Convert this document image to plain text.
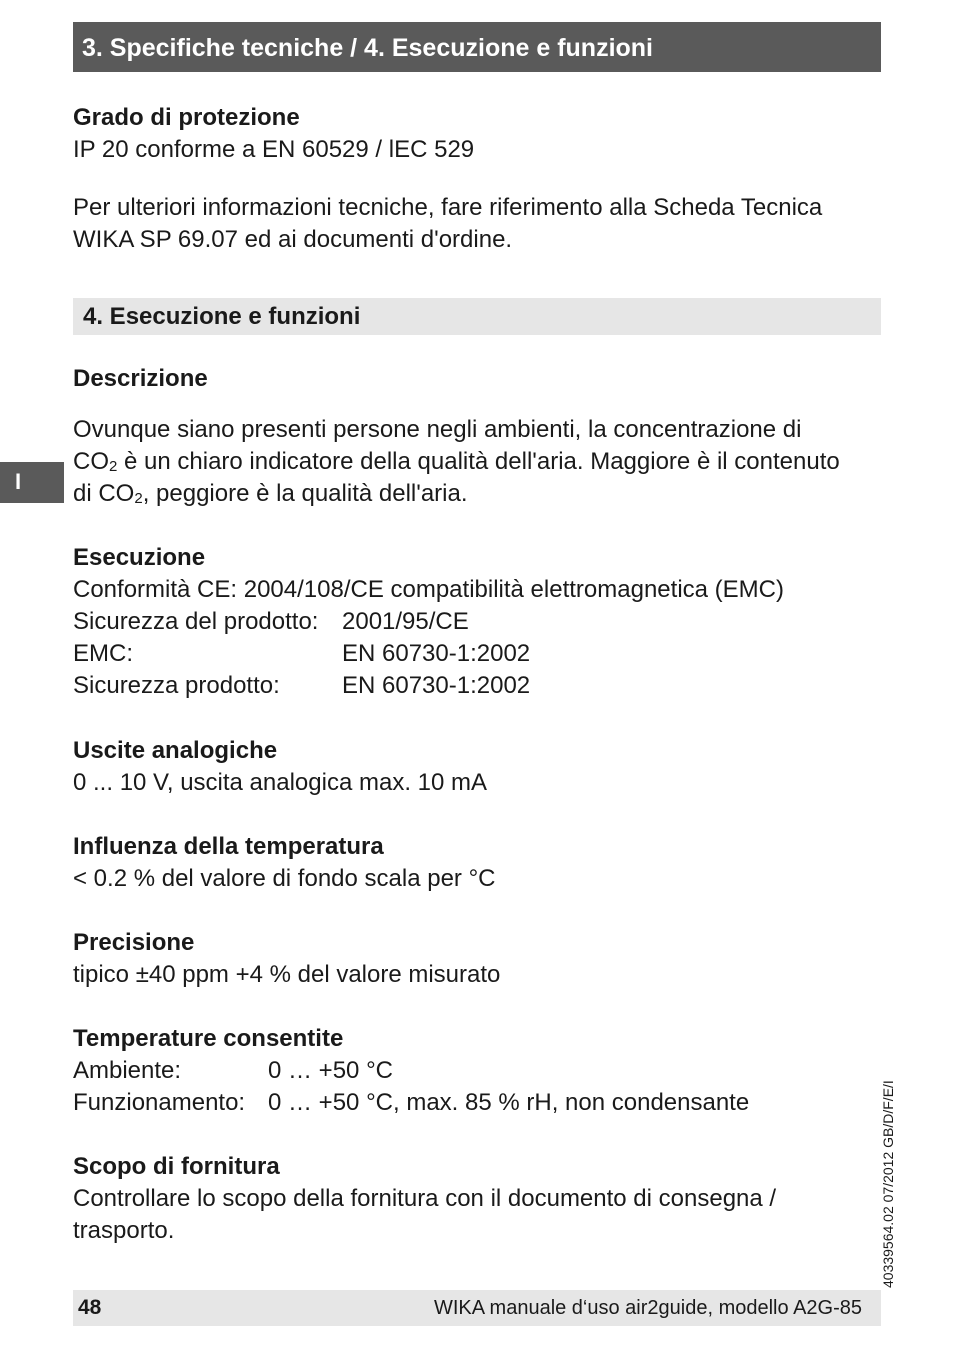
3. Specifiche tecniche / 4. Esecuzione e funzioni
Grado di protezione
IP 20 conforme a EN 60529 / lEC 529
Per ulteriori informazioni tecniche, fare riferimento alla Scheda Tecnica
WIKA SP 69.07 ed ai documenti d'ordine.
4. Esecuzione e funzioni
I
Descrizione
Ovunque siano presenti persone negli ambienti, la concentrazione di
$CO_2$ è un chiaro indicatore della qualità dell'aria. Maggiore è il contenuto
di $CO_2$, peggiore è la qualità dell'aria.
Esecuzione
Conformità CE: 2004/108/CE compatibilità elettromagnetica (EMC)
Sicurezza del prodotto: 2001/95/CE
EMC:	EN 60730-1:2002
Sicurezza prodotto:	EN 60730-1:2002
Uscite analogiche
0 ... 10 V, uscita analogica max. 10 mA
Influenza della temperatura
< 0.2 % del valore di fondo scala per °C
Precisione
tipico ±40 ppm +4 % del valore misurato
Temperature consentite
Ambiente:	0 … +50 °C
Funzionamento: 0 … +50 °C, max. 85 % rH, non condensante
Scopo di fornitura
Controllare lo scopo della fornitura con il documento di consegna /
trasporto.	40339564.02 07/2012 GB/D/F/E/I
48	WIKA manuale d‘uso air2guide, modello A2G-85
